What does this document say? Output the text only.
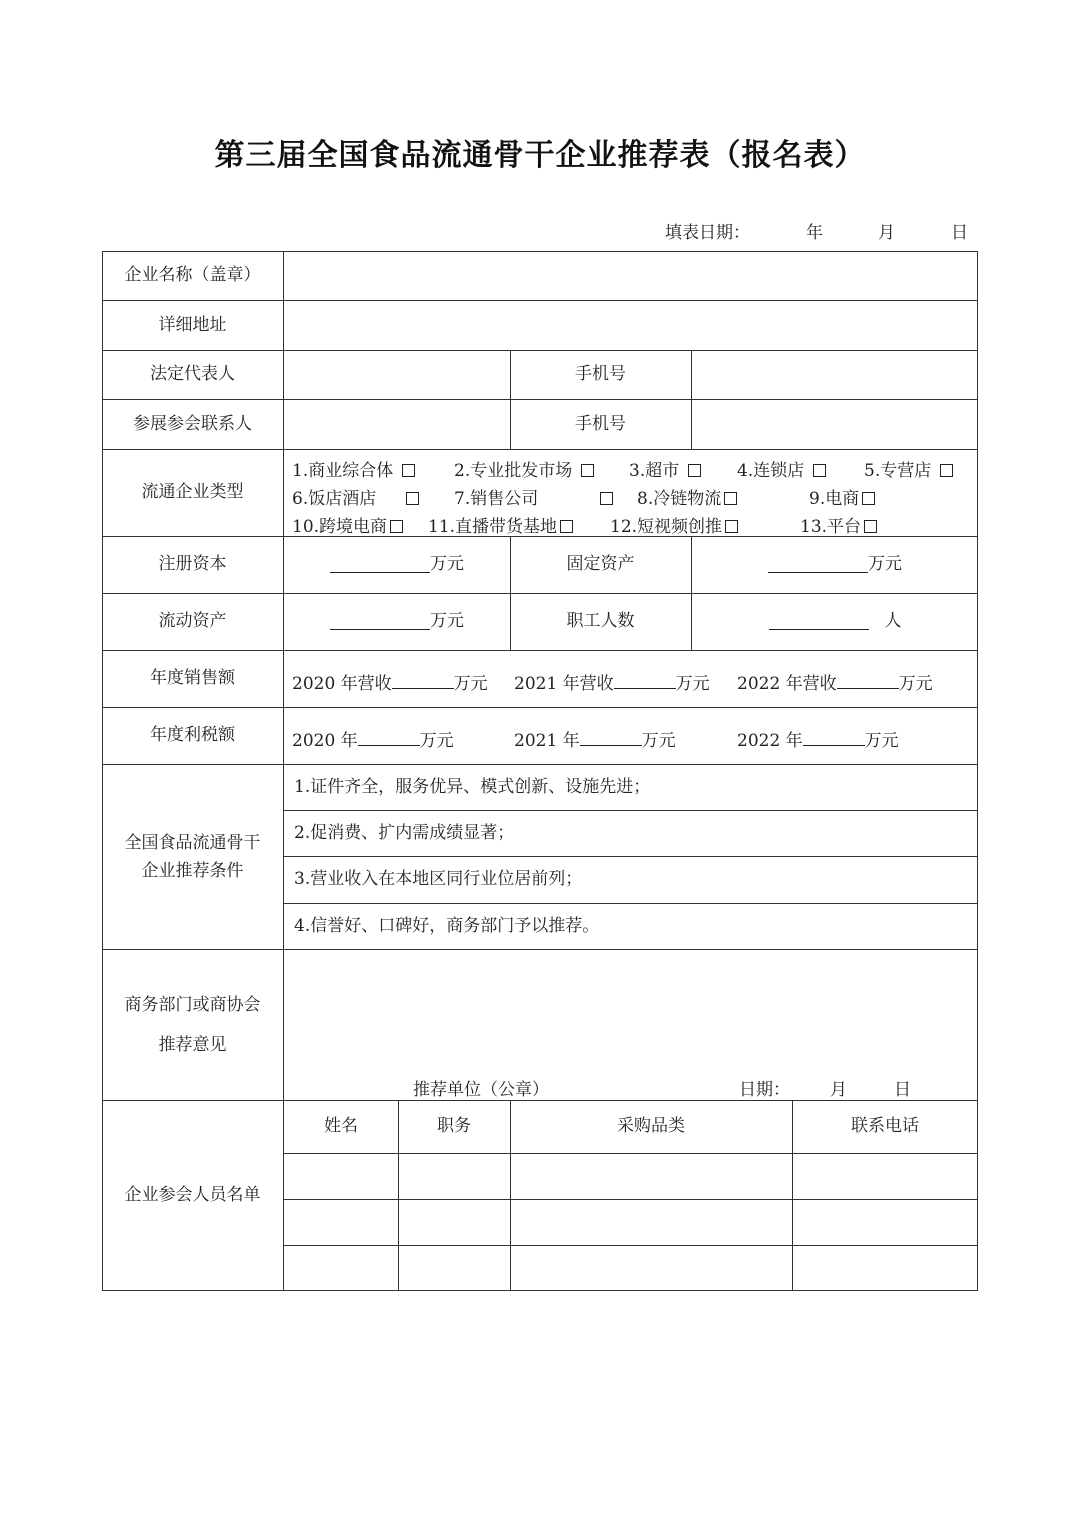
第三届全国食品流通骨干企业推荐表（报名表）
填表日期：	年	月	日
企业名称（盖章）
详细地址
法定代表人	手机号
参展参会联系人	手机号
流通企业类型
1.商业综合体	2.专业批发市场	3.超市	4.连锁店	5.专营店
6.饭店酒店	7.销售公司	8.冷链物流	9.电商
10.跨境电商	11.直播带货基地	12.短视频创推	13.平台
注册资本	万元	固定资产	万元
流动资产	万元	职工人数	人
年度销售额	2020 年营收	万元 2021 年营收	万元 2022 年营收	万元
年度利税额	2020 年	万元	2021 年	万元	2022 年	万元
全国食品流通骨干
企业推荐条件
1.证件齐全，服务优异、模式创新、设施先进；
2.促消费、扩内需成绩显著；
3.营业收入在本地区同行业位居前列；
4.信誉好、口碑好，商务部门予以推荐。
商务部门或商协会
推荐意见
推荐单位（公章）	日期： 月	日
企业参会人员名单
姓名	职务	采购品类	联系电话
